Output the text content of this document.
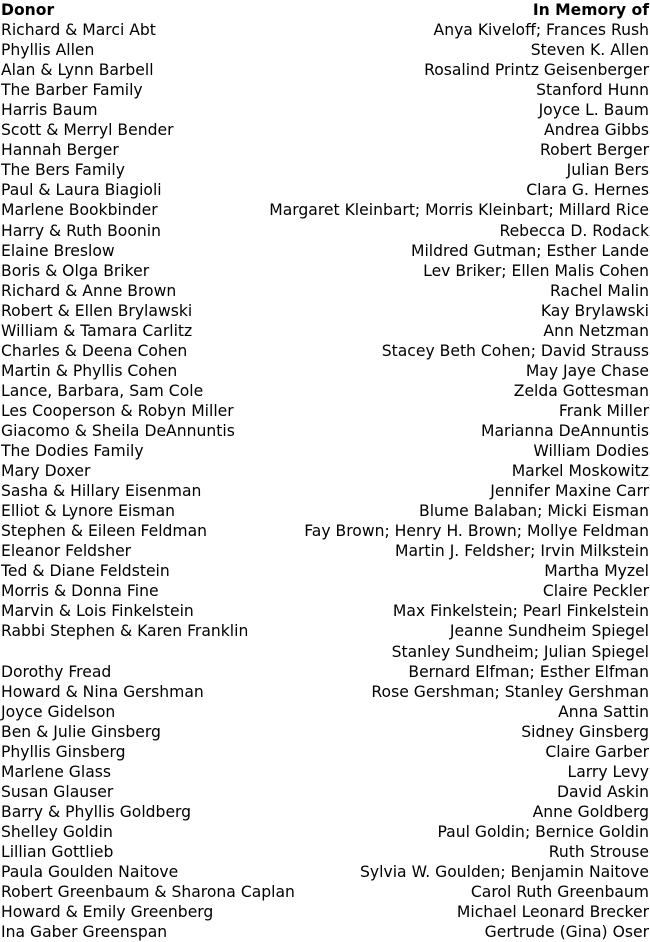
Donor	In Memory of
Richard & Marci Abt	Anya Kiveloff; Frances Rush
Phyllis Allen	Steven K. Allen
Alan & Lynn Barbell	Rosalind Printz Geisenberger
The Barber Family	Stanford Hunn
Harris Baum	Joyce L. Baum
Scott & Merryl Bender	Andrea Gibbs
Hannah Berger	Robert Berger
The Bers Family	Julian Bers
Paul & Laura Biagioli	Clara G. Hernes
Marlene Bookbinder	Margaret Kleinbart; Morris Kleinbart; Millard Rice
Harry & Ruth Boonin	Rebecca D. Rodack
Elaine Breslow	Mildred Gutman; Esther Lande
Boris & Olga Briker	Lev Briker; Ellen Malis Cohen
Richard & Anne Brown	Rachel Malin
Robert & Ellen Brylawski	Kay Brylawski
William & Tamara Carlitz	Ann Netzman
Charles & Deena Cohen	Stacey Beth Cohen; David Strauss
Martin & Phyllis Cohen	May Jaye Chase
Lance, Barbara, Sam Cole	Zelda Gottesman
Les Cooperson & Robyn Miller	Frank Miller
Giacomo & Sheila DeAnnuntis	Marianna DeAnnuntis
The Dodies Family	William Dodies
Mary Doxer	Markel Moskowitz
Sasha & Hillary Eisenman	Jennifer Maxine Carr
Elliot & Lynore Eisman	Blume Balaban; Micki Eisman
Stephen & Eileen Feldman	Fay Brown; Henry H. Brown; Mollye Feldman
Eleanor Feldsher	Martin J. Feldsher; Irvin Milkstein
Ted & Diane Feldstein	Martha Myzel
Morris & Donna Fine	Claire Peckler
Marvin & Lois Finkelstein	Max Finkelstein; Pearl Finkelstein
Rabbi Stephen & Karen Franklin	Jeanne Sundheim Spiegel
Stanley Sundheim; Julian Spiegel
Dorothy Fread	Bernard Elfman; Esther Elfman
Howard & Nina Gershman	Rose Gershman; Stanley Gershman
Joyce Gidelson	Anna Sattin
Ben & Julie Ginsberg	Sidney Ginsberg
Phyllis Ginsberg	Claire Garber
Marlene Glass	Larry Levy
Susan Glauser	David Askin
Barry & Phyllis Goldberg	Anne Goldberg
Shelley Goldin	Paul Goldin; Bernice Goldin
Lillian Gottlieb	Ruth Strouse
Paula Goulden Naitove	Sylvia W. Goulden; Benjamin Naitove
Robert Greenbaum & Sharona Caplan	Carol Ruth Greenbaum
Howard & Emily Greenberg	Michael Leonard Brecker
Ina Gaber Greenspan	Gertrude (Gina) Oser
